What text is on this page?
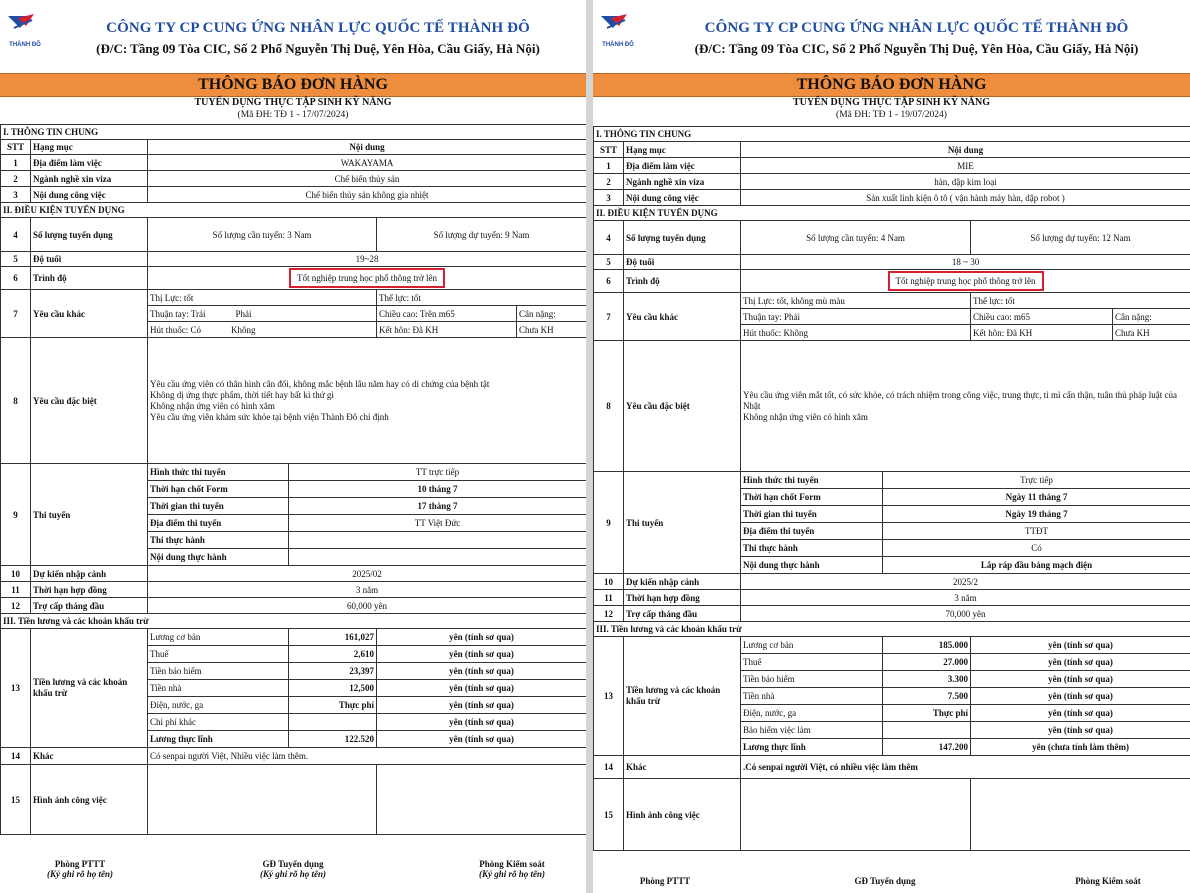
THÀNH ĐÔ
CÔNG TY CP CUNG ỨNG NHÂN LỰC QUỐC TẾ THÀNH ĐÔ
(Đ/C: Tầng 09 Tòa CIC, Số 2 Phố Nguyễn Thị Duệ, Yên Hòa, Cầu Giấy, Hà Nội)
THÔNG BÁO ĐƠN HÀNG
TUYỂN DỤNG THỰC TẬP SINH KỸ NĂNG
(Mã ĐH: TĐ 1 - 17/07/2024)
I. THÔNG TIN CHUNG					
STT	Hạng mục	Nội dung			
1	Địa điểm làm việc	WAKAYAMA			
2	Ngành nghề xin viza	Chế biến thủy sản			
3	Nội dung công việc	Chế biến thủy sản không gia nhiệt			
II. ĐIỀU KIỆN TUYỂN DỤNG					
4	Số lượng tuyển dụng	Số lượng cần tuyển: 3 Nam		Số lượng dự tuyển: 9 Nam	
5	Độ tuổi	19~28			
6	Trình độ	Tốt nghiệp trung học phổ thông trở lên			
7	Yêu cầu khác	Thị Lực: tốt		Thể lực: tốt	
		Thuận tay: Trái Phải		Chiều cao: Trên m65	Cân nặng:
		Hút thuốc: Có Không		Kết hôn: Đã KH	Chưa KH
8	Yêu cầu đặc biệt	Yêu cầu ứng viên có thân hình cân đối, không mắc bệnh lâu năm hay có di chứng của bệnh tật
Không dị ứng thực phẩm, thời tiết hay bất kì thứ gì
Không nhận ứng viên có hình xăm
Yêu cầu ứng viên khám sức khỏe tại bệnh viện Thành Đô chỉ định			

9	Thi tuyển	Hình thức thi tuyển	TT trực tiếp		
		Thời hạn chốt Form	10 tháng 7		
		Thời gian thi tuyển	17 tháng 7		
		Địa điểm thi tuyển	TT Việt Đức		
		Thi thực hành			
		Nội dung thực hành			
10	Dự kiến nhập cảnh	2025/02			
11	Thời hạn hợp đồng	3 năm			
12	Trợ cấp tháng đầu	60,000 yên			
III. Tiền lương và các khoản khấu trừ					
13	Tiền lương và các khoản khấu trừ	Lương cơ bản	161,027	yên (tính sơ qua)	
		Thuế	2,610	yên (tính sơ qua)	
		Tiền bảo hiểm	23,397	yên (tính sơ qua)	
		Tiền nhà	12,500	yên (tính sơ qua)	
		Điện, nước, ga	Thực phí	yên (tính sơ qua)	
		Chi phí khác		yên (tính sơ qua)	
		Lương thực lĩnh	122.520	yên (tính sơ qua)	
14	Khác	Có senpai người Việt, Nhiều việc làm thêm.			
15	Hình ảnh công việc				
Phòng PTTT
(Ký ghi rõ họ tên)
GĐ Tuyển dụng
(Ký ghi rõ họ tên)
Phòng Kiểm soát
(Ký ghi rõ họ tên)
THÀNH ĐÔ
CÔNG TY CP CUNG ỨNG NHÂN LỰC QUỐC TẾ THÀNH ĐÔ
(Đ/C: Tầng 09 Tòa CIC, Số 2 Phố Nguyễn Thị Duệ, Yên Hòa, Cầu Giấy, Hà Nội)
THÔNG BÁO ĐƠN HÀNG
TUYỂN DỤNG THỰC TẬP SINH KỸ NĂNG
(Mã ĐH: TĐ 1 - 19/07/2024)
I. THÔNG TIN CHUNG					
STT	Hạng mục	Nội dung			
1	Địa điểm làm việc	MIE			
2	Ngành nghề xin viza	hàn, dập kim loại			
3	Nội dung công việc	Sản xuất linh kiện ô tô ( vận hành máy hàn, dập robot )			
II. ĐIỀU KIỆN TUYỂN DỤNG					
4	Số lượng tuyển dụng	Số lượng cần tuyển: 4 Nam		Số lượng dự tuyển: 12 Nam	
5	Độ tuổi	18 ~ 30			
6	Trình độ	Tốt nghiệp trung học phổ thông trở lên			
7	Yêu cầu khác	Thị Lực: tốt, không mù màu		Thể lực: tốt	
		Thuận tay: Phải		Chiều cao: m65	Cân nặng:
		Hút thuốc: Không		Kết hôn: Đã KH	Chưa KH
8	Yêu cầu đặc biệt	Yêu cầu ứng viên mắt tốt, có sức khỏe, có trách nhiệm trong công việc, trung thực, tỉ mỉ cẩn thận, tuân thủ pháp luật của Nhật
Không nhận ứng viên có hình xăm			

9	Thi tuyển	Hình thức thi tuyển	Trực tiếp		
		Thời hạn chốt Form	Ngày 11 tháng 7		
		Thời gian thi tuyển	Ngày 19 tháng 7		
		Địa điểm thi tuyển	TTĐT		
		Thi thực hành	Có		
		Nội dung thực hành	Lắp ráp đầu bảng mạch điện		
10	Dự kiến nhập cảnh	2025/2			
11	Thời hạn hợp đồng	3 năm			
12	Trợ cấp tháng đầu	70,000 yên			
III. Tiền lương và các khoản khấu trừ					
13	Tiền lương và các khoản khấu trừ	Lương cơ bản	185.000	yên (tính sơ qua)	
		Thuế	27.000	yên (tính sơ qua)	
		Tiền bảo hiểm	3.300	yên (tính sơ qua)	
		Tiền nhà	7.500	yên (tính sơ qua)	
		Điện, nước, ga	Thực phí	yên (tính sơ qua)	
		Bảo hiểm việc làm		yên (tính sơ qua)	
		Lương thực lĩnh	147.200	yên (chưa tính làm thêm)	
14	Khác	.Có senpai người Việt, có nhiều việc làm thêm			
15	Hình ảnh công việc				
Phòng PTTT	GĐ Tuyển dụng	Phòng Kiểm soát
